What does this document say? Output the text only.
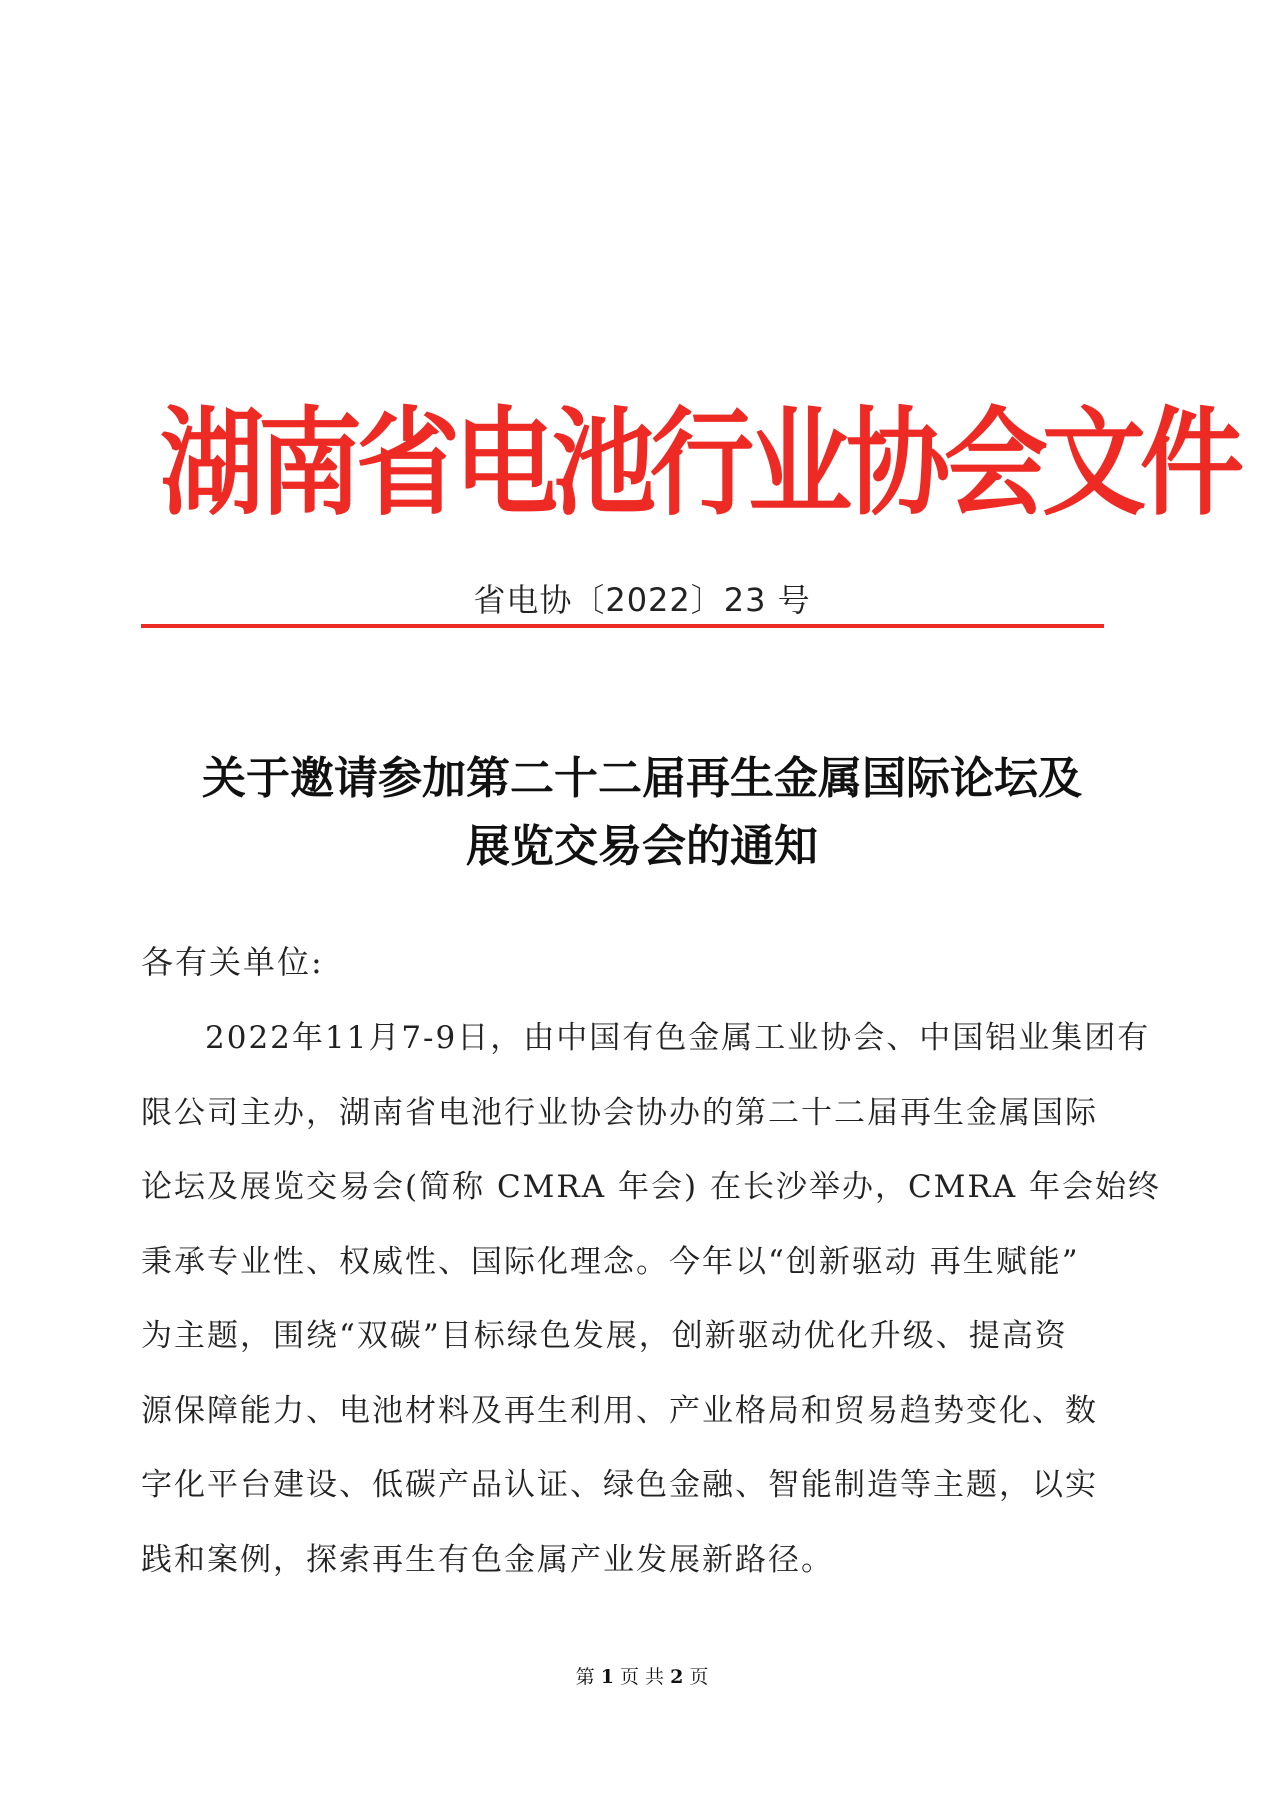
湖南省电池行业协会文件
省电协〔2022〕23 号
关于邀请参加第二十二届再生金属国际论坛及
展览交易会的通知
各有关单位:
2022年11月7-9日，由中国有色金属工业协会、中国铝业集团有
限公司主办，湖南省电池行业协会协办的第二十二届再生金属国际
论坛及展览交易会(简称 CMRA 年会) 在长沙举办，CMRA 年会始终
秉承专业性、权威性、国际化理念。今年以“创新驱动 再生赋能”
为主题，围绕“双碳”目标绿色发展，创新驱动优化升级、提高资
源保障能力、电池材料及再生利用、产业格局和贸易趋势变化、数
字化平台建设、低碳产品认证、绿色金融、智能制造等主题，以实
践和案例，探索再生有色金属产业发展新路径。
第 1 页 共 2 页
